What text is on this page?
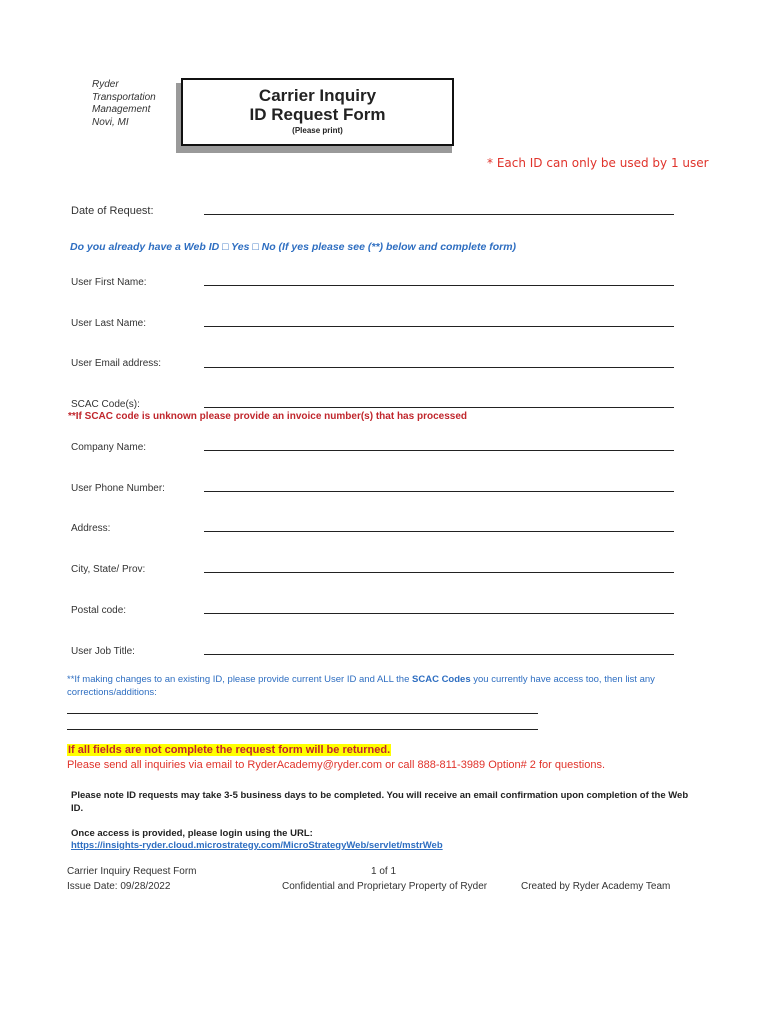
Ryder
Transportation
Management
Novi, MI
Carrier Inquiry
ID Request Form
(Please print)
* Each ID can only be used by 1 user
Date of Request:
Do you already have a Web ID □ Yes □ No (If yes please see (**) below and complete form)
User First Name:
User Last Name:
User Email address:
SCAC Code(s):
**If SCAC code is unknown please provide an invoice number(s) that has processed
Company Name:
User Phone Number:
Address:
City, State/ Prov:
Postal code:
User Job Title:
**If making changes to an existing ID, please provide current User ID and ALL the SCAC Codes you currently have access too, then list any corrections/additions:
If all fields are not complete the request form will be returned.
Please send all inquiries via email to RyderAcademy@ryder.com or call 888-811-3989 Option# 2 for questions.
Please note ID requests may take 3-5 business days to be completed. You will receive an email confirmation upon completion of the Web ID.
Once access is provided, please login using the URL:
https://insights-ryder.cloud.microstrategy.com/MicroStrategyWeb/servlet/mstrWeb
Carrier Inquiry Request Form
Issue Date: 09/28/2022
1 of 1
Confidential and Proprietary Property of Ryder	Created by Ryder Academy Team
